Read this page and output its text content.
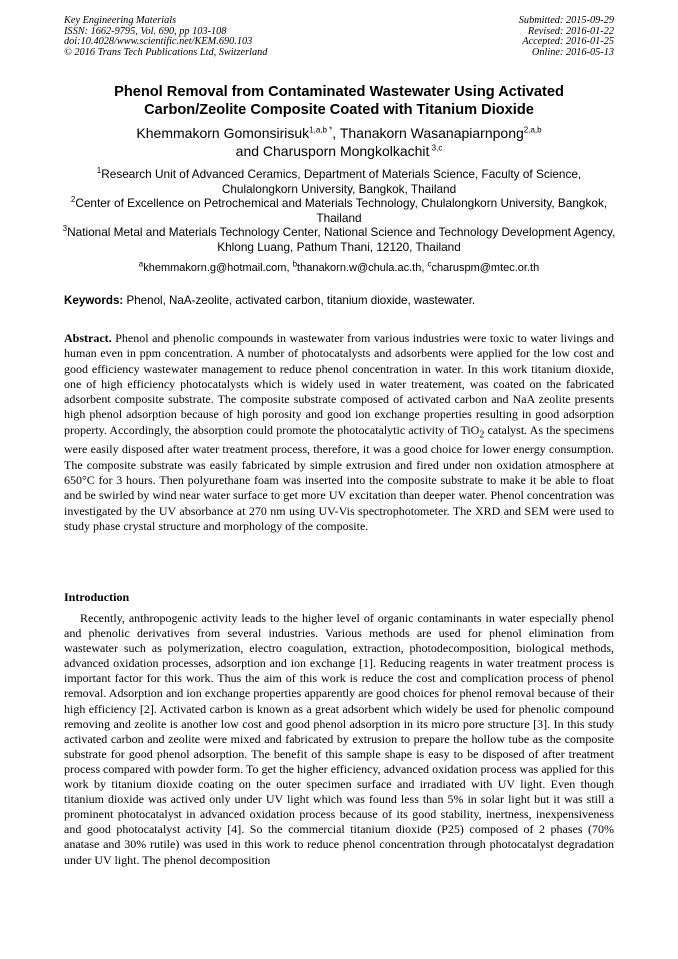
Key Engineering Materials
ISSN: 1662-9795, Vol. 690, pp 103-108
doi:10.4028/www.scientific.net/KEM.690.103
© 2016 Trans Tech Publications Ltd, Switzerland
Submitted: 2015-09-29
Revised: 2016-01-22
Accepted: 2016-01-25
Online: 2016-05-13
Phenol Removal from Contaminated Wastewater Using Activated
Carbon/Zeolite Composite Coated with Titanium Dioxide
Khemmakorn Gomonsirisuk$^{1,a,b *}$, Thanakorn Wasanapiarnpong$^{2,a,b}$
and Charusporn Mongkolkachit $^{3,c}$
$^1$Research Unit of Advanced Ceramics, Department of Materials Science, Faculty of Science, Chulalongkorn University, Bangkok, Thailand
$^2$Center of Excellence on Petrochemical and Materials Technology, Chulalongkorn University, Bangkok, Thailand
$^3$National Metal and Materials Technology Center, National Science and Technology Development Agency, Khlong Luang, Pathum Thani, 12120, Thailand
$^a$khemmakorn.g@hotmail.com, $^b$thanakorn.w@chula.ac.th, $^c$charuspm@mtec.or.th
Keywords: Phenol, NaA-zeolite, activated carbon, titanium dioxide, wastewater.
Abstract. Phenol and phenolic compounds in wastewater from various industries were toxic to water livings and human even in ppm concentration. A number of photocatalysts and adsorbents were applied for the low cost and good efficiency wastewater management to reduce phenol concentration in water. In this work titanium dioxide, one of high efficiency photocatalysts which is widely used in water treatement, was coated on the fabricated adsorbent composite substrate. The composite substrate composed of activated carbon and NaA zeolite presents high phenol adsorption because of high porosity and good ion exchange properties resulting in good adsorption property. Accordingly, the absorption could promote the photocatalytic activity of TiO$_2$ catalyst. As the specimens were easily disposed after water treatment process, therefore, it was a good choice for lower energy consumption. The composite substrate was easily fabricated by simple extrusion and fired under non oxidation atmosphere at 650°C for 3 hours. Then polyurethane foam was inserted into the composite substrate to make it be able to float and be swirled by wind near water surface to get more UV excitation than deeper water. Phenol concentration was investigated by the UV absorbance at 270 nm using UV-Vis spectrophotometer. The XRD and SEM were used to study phase crystal structure and morphology of the composite.
Introduction
Recently, anthropogenic activity leads to the higher level of organic contaminants in water especially phenol and phenolic derivatives from several industries. Various methods are used for phenol elimination from wastewater such as polymerization, electro coagulation, extraction, photodecomposition, biological methods, advanced oxidation processes, adsorption and ion exchange [1]. Reducing reagents in water treatment process is important factor for this work. Thus the aim of this work is reduce the cost and complication process of phenol removal. Adsorption and ion exchange properties apparently are good choices for phenol removal because of their high efficiency [2]. Activated carbon is known as a great adsorbent which widely be used for phenolic compound removing and zeolite is another low cost and good phenol adsorption in its micro pore structure [3]. In this study activated carbon and zeolite were mixed and fabricated by extrusion to prepare the hollow tube as the composite substrate for good phenol adsorption. The benefit of this sample shape is easy to be disposed of after treatment process compared with powder form. To get the higher efficiency, advanced oxidation process was applied for this work by titanium dioxide coating on the outer specimen surface and irradiated with UV light. Even though titanium dioxide was actived only under UV light which was found less than 5% in solar light but it was still a prominent photocatalyst in advanced oxidation process because of its good stability, inertness, inexpensiveness and good photocatalyst activity [4]. So the commercial titanium dioxide (P25) composed of 2 phases (70% anatase and 30% rutile) was used in this work to reduce phenol concentration through photocatalyst degradation under UV light. The phenol decomposition
